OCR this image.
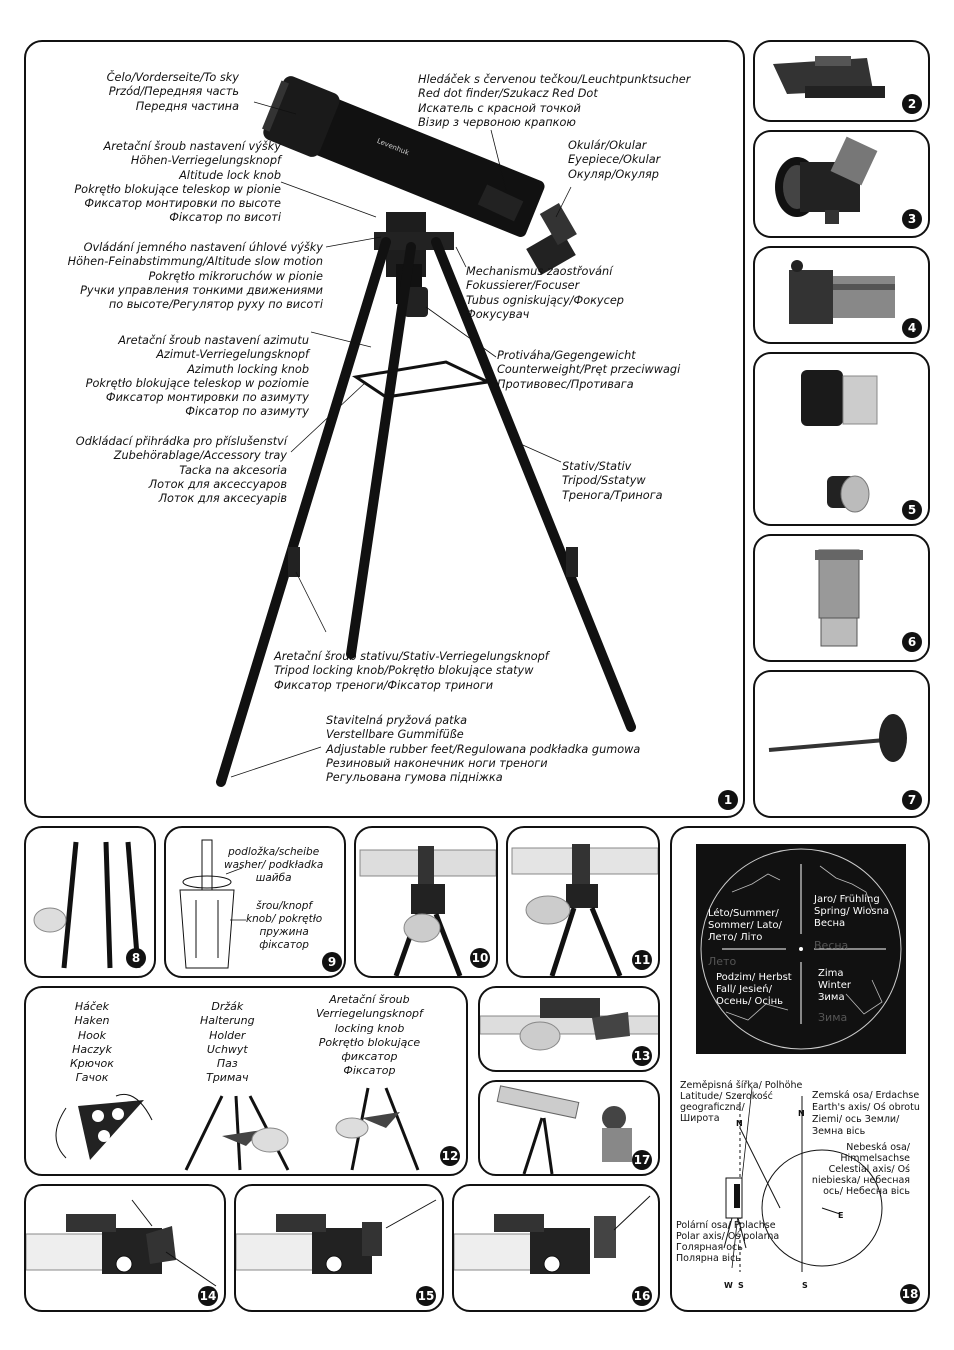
Levenhuk
Čelo/Vorderseite/To sky
Przód/Передняя часть
Передня частина
Hledáček s červenou tečkou/Leuchtpunktsucher
Red dot finder/Szukacz Red Dot
Искатель с красной точкой
Візир з червоною крапкою
Okulár/Okular
Eyepiece/Okular
Окуляр/Окуляр
Aretační šroub nastavení výšky
Höhen-Verriegelungsknopf
Altitude lock knob
Pokrętło blokujące teleskop w pionie
Фиксатор монтировки по высоте
Фіксатор по висоті
Ovládání jemného nastavení úhlové výšky
Höhen-Feinabstimmung/Altitude slow motion
Pokrętło mikroruchów w pionie
Ручки управления тонкими движениями
по высоте/Регулятор руху по висоті
Mechanismus zaostřování
Fokussierer/Focuser
Tubus ogniskujący/Фокусер
Фокусувач
Aretační šroub nastavení azimutu
Azimut-Verriegelungsknopf
Azimuth locking knob
Pokrętło blokujące teleskop w poziomie
Фиксатор монтировки по азимуту
Фіксатор по азимуту
Protiváha/Gegengewicht
Counterweight/Pręt przeciwwagi
Противовес/Противага
Odkládací přihrádka pro příslušenství
Zubehörablage/Accessory tray
Tacka na akcesoria
Лоток для аксессуаров
Лоток для аксесуарів
Stativ/Stativ
Tripod/Sstatyw
Тренога/Тринога
Aretační šroub stativu/Stativ-Verriegelungsknopf
Tripod locking knob/Pokrętło blokujące statyw
Фиксатор треноги/Фіксатор триноги
Stavitelná pryžová patka
Verstellbare Gummifüße
Adjustable rubber feet/Regulowana podkładka gumowa
Резиновый наконечник ноги треноги
Регульована гумова підніжка
1
2
3
4
5
6
7
8
podložka/scheibe
washer/ podkładka
шайба
šrou/knopf
knob/ pokrętło
пружина
фіксатор
9	10	11
Léto/Summer/
Sommer/ Lato/
Лето/ Літо
Jaro/ Frühling
Spring/ Wiosna
Весна
Podzim/ Herbst
Fall/ Jesień/
Осень/ Осінь
Zima
Winter
Зима
Весна
Лето
Зима
Zeměpisná šířka/ Polhöhe
Latitude/ Szerokość
geograficzna/
Широта
Zemská osa/ Erdachse
Earth's axis/ Oś obrotu
Ziemi/ ось Земли/
Земна вісь
Nebeská osa/
Himmelsachse
Celestial axis/ Oś
niebieska/ небесная
ось/ Небесна вісь
Polární osa/ Polachse
Polar axis/ Oś polarna
Голярная ось
Полярна вісь
N
N
E
S	S
W
18
Háček
Haken
Hook
Haczyk
Крючок
Гачок
Držák
Halterung
Holder
Uchwyt
Паз
Тримач
Aretační šroub
Verriegelungsknopf
locking knob
Pokrętło blokujące
фиксатор
Фіксатор
12
13
17
14	15	16
